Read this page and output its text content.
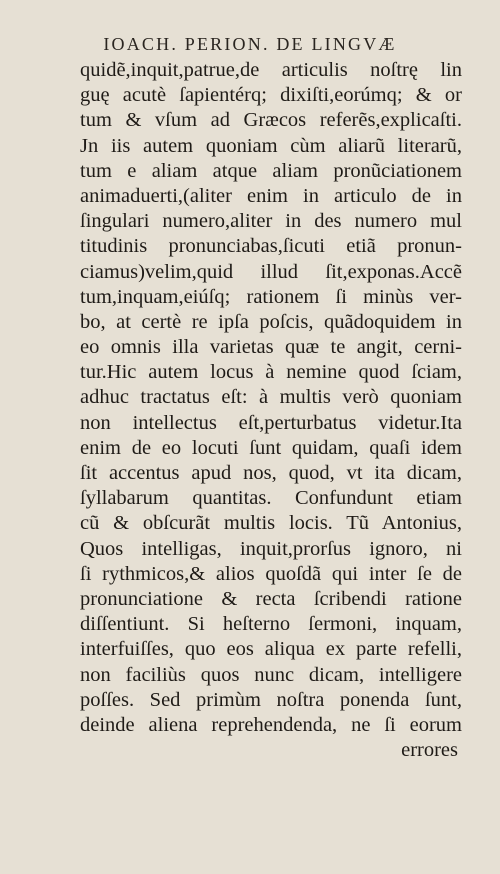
IOACH. PERION. DE LINGVÆ
quidẽ,inquit,patrue,de articulis noſtrę lin
guę acutè ſapientérq; dixiſti,eorúmq; & or
tum & vſum ad Græcos referẽs,explicaſti.
Jn iis autem quoniam cùm aliarũ literarũ,
tum e aliam atque aliam pronũciationem
animaduerti,(aliter enim in articulo de in
ſingulari numero,aliter in des numero mul
titudinis pronunciabas,ſicuti etiã pronun-
ciamus)velim,quid illud ſit,exponas.Accẽ
tum,inquam,eiúſq; rationem ſi minùs ver-
bo, at certè re ipſa poſcis, quãdoquidem in
eo omnis illa varietas quæ te angit, cerni-
tur.Hic autem locus à nemine quod ſciam,
adhuc tractatus eſt: à multis verò quoniam
non intellectus eſt,perturbatus videtur.Ita
enim de eo locuti ſunt quidam, quaſi idem
ſit accentus apud nos, quod, vt ita dicam,
ſyllabarum quantitas. Confundunt etiam
cũ & obſcurãt multis locis. Tũ Antonius,
Quos intelligas, inquit,prorſus ignoro, ni
ſi rythmicos,& alios quoſdã qui inter ſe de
pronunciatione & recta ſcribendi ratione
diſſentiunt. Si heſterno ſermoni, inquam,
interfuiſſes, quo eos aliqua ex parte refelli,
non faciliùs quos nunc dicam, intelligere
poſſes. Sed primùm noſtra ponenda ſunt,
deinde aliena reprehendenda, ne ſi eorum
errores
